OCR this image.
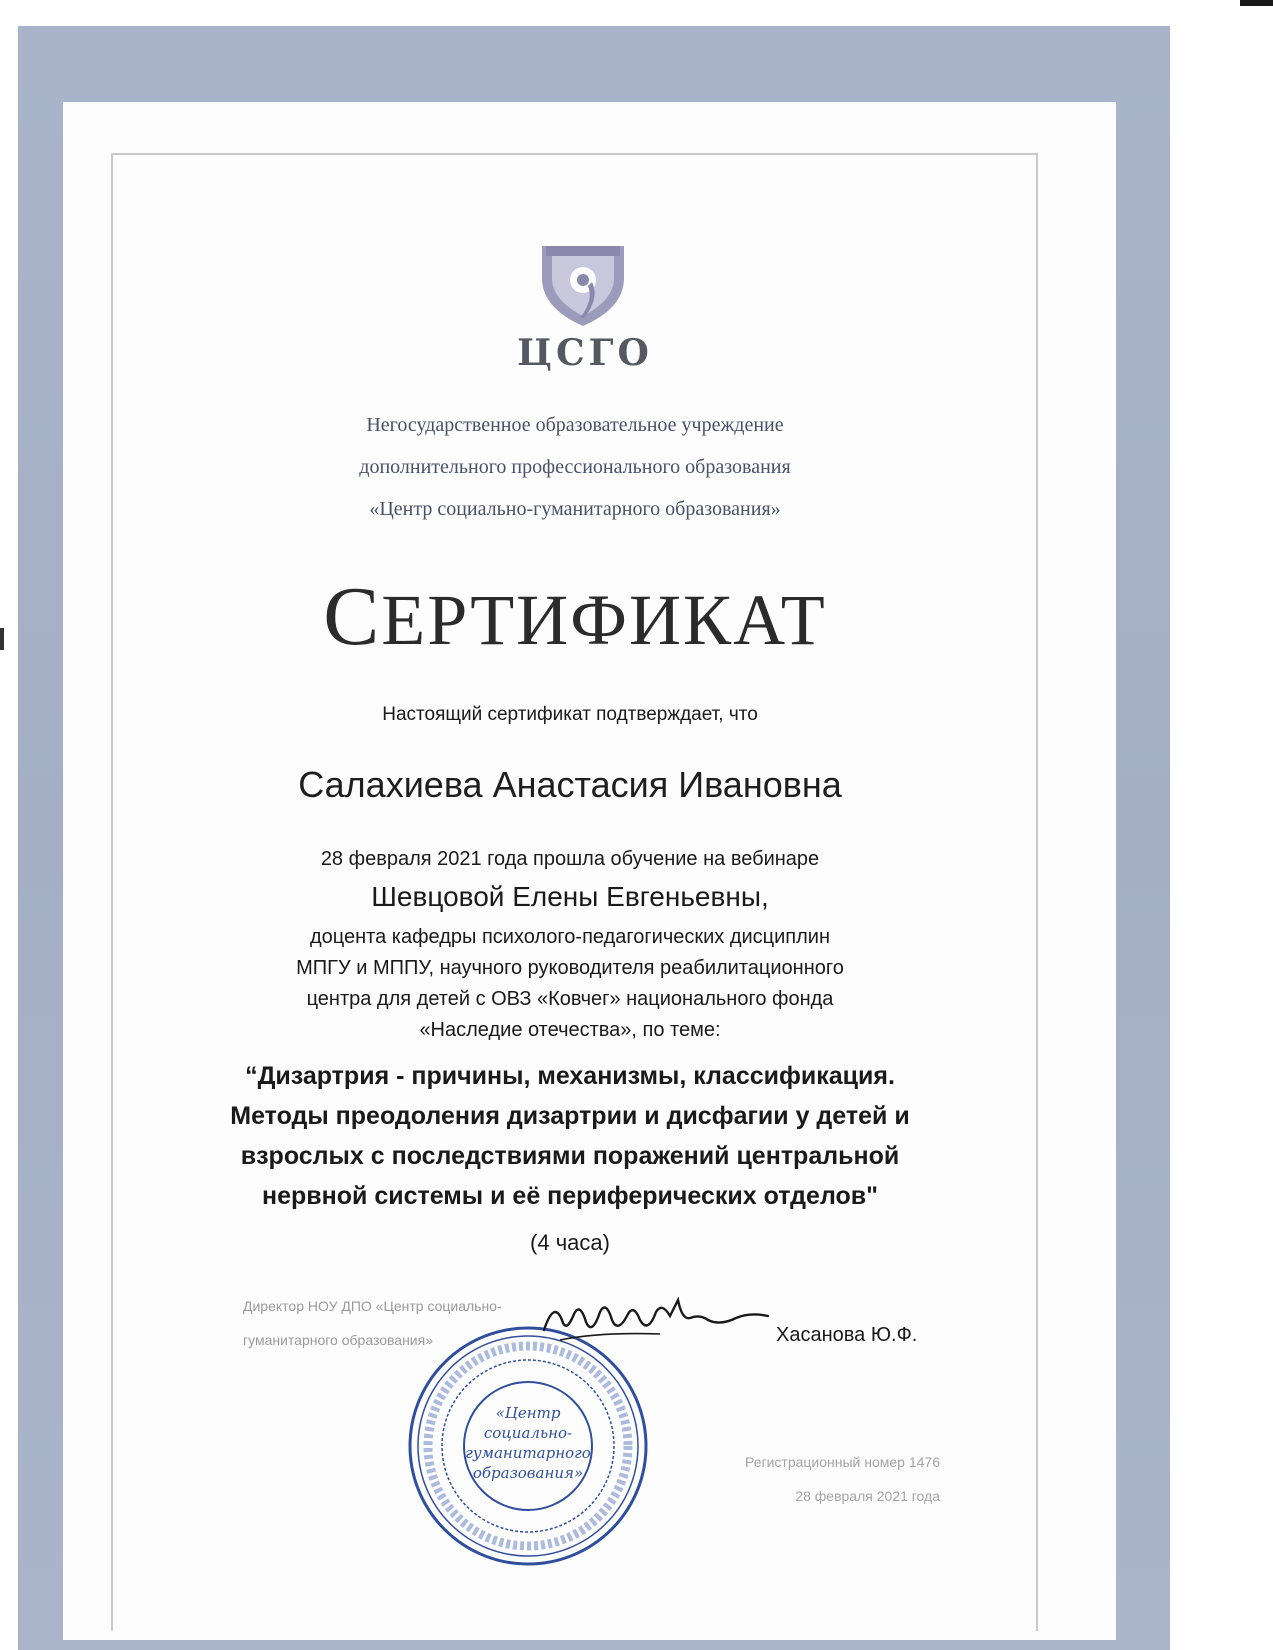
ЦСГО
Негосударственное образовательное учреждение
дополнительного профессионального образования
«Центр социально-гуманитарного образования»
СЕРТИФИКАТ
Настоящий сертификат подтверждает, что
Салахиева Анастасия Ивановна
28 февраля 2021 года прошла обучение на вебинаре
Шевцовой Елены Евгеньевны,
доцента кафедры психолого-педагогических дисциплин
МПГУ и МППУ, научного руководителя реабилитационного
центра для детей с ОВЗ «Ковчег» национального фонда
«Наследие отечества», по теме:
“Дизартрия - причины, механизмы, классификация.
Методы преодоления дизартрии и дисфагии у детей и
взрослых с последствиями поражений центральной
нервной системы и её периферических отделов"
(4 часа)
Директор НОУ ДПО «Центр социально-
гуманитарного образования»
«Центр
социально-
гуманитарного
образования»
Хасанова Ю.Ф.
Регистрационный номер 1476
28 февраля 2021 года
